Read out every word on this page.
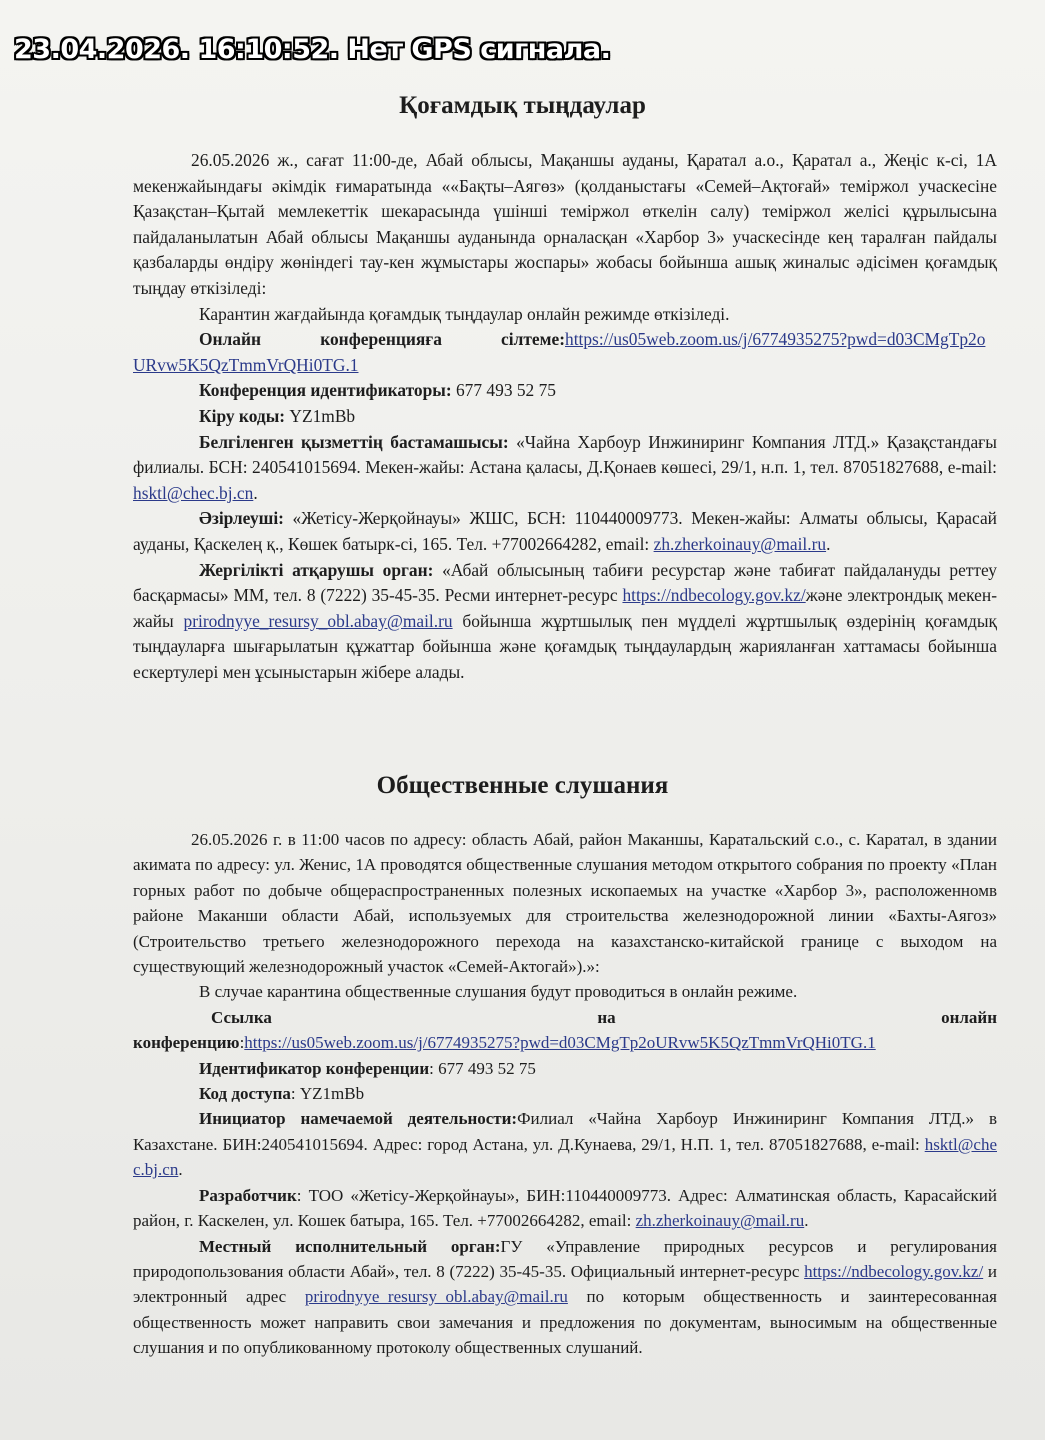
23.04.2026. 16:10:52. Нет GPS сигнала.
Қоғамдық тыңдаулар

26.05.2026 ж., сағат 11:00-де, Абай облысы, Мақаншы ауданы, Қаратал а.о., Қаратал а., Жеңіс к-сі, 1А мекенжайындағы әкімдік ғимаратында ««Бақты–Аягөз» (қолданыстағы «Семей–Ақтоғай» теміржол учаскесіне Қазақстан–Қытай мемлекеттік шекарасында үшінші теміржол өткелін салу) теміржол желісі құрылысына пайдаланылатын Абай облысы Мақаншы ауданында орналасқан «Харбор 3» учаскесінде кең таралған пайдалы қазбаларды өндіру жөніндегі тау-кен жұмыстары жоспары» жобасы бойынша ашық жиналыс әдісімен қоғамдық тыңдау өткізіледі:

Карантин жағдайында қоғамдық тыңдаулар онлайн режимде өткізіледі.

Онлайн	конференцияға	сілтеме: https://us05web.zoom.us/j/6774935275?pwd=d03CMgTp2oURvw5K5QzTmmVrQHi0TG.1

Конференция идентификаторы: 677 493 52 75

Кіру коды: YZ1mBb

Белгіленген қызметтің бастамашысы: «Чайна Харбоур Инжиниринг Компания ЛТД.» Қазақстандағы филиалы. БСН: 240541015694. Мекен-жайы: Астана қаласы, Д.Қонаев көшесі, 29/1, н.п. 1, тел. 87051827688, e-mail: hsktl@chec.bj.cn.

Әзірлеуші: «Жетісу-Жерқойнауы» ЖШС, БСН: 110440009773. Мекен-жайы: Алматы облысы, Қарасай ауданы, Қаскелең қ., Көшек батырк-сі, 165. Тел. +77002664282, email: zh.zherkoinauy@mail.ru.

Жергілікті атқарушы орган: «Абай облысының табиғи ресурстар және табиғат пайдалануды реттеу басқармасы» ММ, тел. 8 (7222) 35-45-35. Ресми интернет-ресурс https://ndbecology.gov.kz/және электрондық мекен-жайы prirodnyye_resursy_obl.abay@mail.ru бойынша жұртшылық пен мүдделі жұртшылық өздерінің қоғамдық тыңдауларға шығарылатын құжаттар бойынша және қоғамдық тыңдаулардың жарияланған хаттамасы бойынша ескертулері мен ұсыныстарын жібере алады.

Общественные слушания

26.05.2026 г. в 11:00 часов по адресу: область Абай, район Маканшы, Каратальский с.о., с. Каратал, в здании акимата по адресу: ул. Женис, 1А проводятся общественные слушания методом открытого собрания по проекту «План горных работ по добыче общераспространенных полезных ископаемых на участке «Харбор 3», расположенномв районе Маканши области Абай, используемых для строительства железнодорожной линии «Бахты-Аягоз» (Строительство третьего железнодорожного перехода на казахстанско-китайской границе с выходом на существующий железнодорожный участок «Семей-Актогай»).»:

В случае карантина общественные слушания будут проводиться в онлайн режиме.

Ссылка	на	онлайн

конференцию:https://us05web.zoom.us/j/6774935275?pwd=d03CMgTp2oURvw5K5QzTmmVrQHi0TG.1

Идентификатор конференции: 677 493 52 75

Код доступа: YZ1mBb

Инициатор намечаемой деятельности:Филиал «Чайна Харбоур Инжиниринг Компания ЛТД.» в Казахстане. БИН:240541015694. Адрес: город Астана, ул. Д.Кунаева, 29/1, Н.П. 1, тел. 87051827688, e-mail: hsktl@chec.bj.cn.

Разработчик: ТОО «Жетісу-Жерқойнауы», БИН:110440009773. Адрес: Алматинская область, Карасайский район, г. Каскелен, ул. Кошек батыра, 165. Тел. +77002664282, email: zh.zherkoinauy@mail.ru.

Местный исполнительный орган:ГУ «Управление природных ресурсов и регулирования природопользования области Абай», тел. 8 (7222) 35-45-35. Официальный интернет-ресурс https://ndbecology.gov.kz/ и электронный адрес prirodnyye_resursy_obl.abay@mail.ru по которым общественность и заинтересованная общественность может направить свои замечания и предложения по документам, выносимым на общественные слушания и по опубликованному протоколу общественных слушаний.
